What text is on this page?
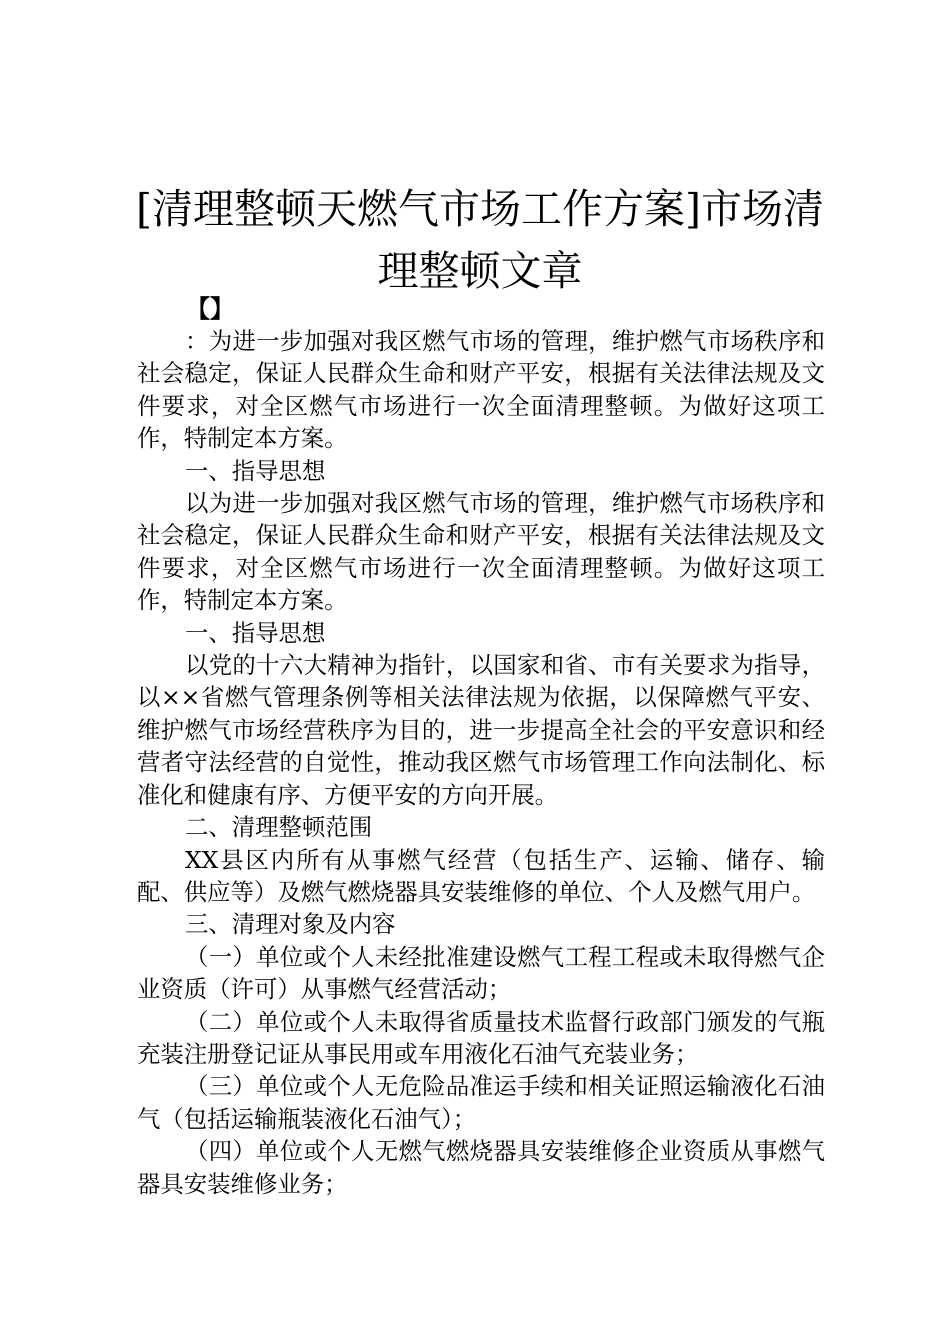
[清理整顿天燃气市场工作方案]市场清理整顿文章
【】

：为进一步加强对我区燃气市场的管理，维护燃气市场秩序和社会稳定，保证人民群众生命和财产平安，根据有关法律法规及文件要求，对全区燃气市场进行一次全面清理整顿。为做好这项工作，特制定本方案。

一、指导思想

以为进一步加强对我区燃气市场的管理，维护燃气市场秩序和社会稳定，保证人民群众生命和财产平安，根据有关法律法规及文件要求，对全区燃气市场进行一次全面清理整顿。为做好这项工作，特制定本方案。

一、指导思想

以党的十六大精神为指针，以国家和省、市有关要求为指导，以××省燃气管理条例等相关法律法规为依据，以保障燃气平安、维护燃气市场经营秩序为目的，进一步提高全社会的平安意识和经营者守法经营的自觉性，推动我区燃气市场管理工作向法制化、标准化和健康有序、方便平安的方向开展。

二、清理整顿范围

XX县区内所有从事燃气经营（包括生产、运输、储存、输配、供应等）及燃气燃烧器具安装维修的单位、个人及燃气用户。

三、清理对象及内容

（一）单位或个人未经批准建设燃气工程工程或未取得燃气企业资质（许可）从事燃气经营活动；

（二）单位或个人未取得省质量技术监督行政部门颁发的气瓶充装注册登记证从事民用或车用液化石油气充装业务；

（三）单位或个人无危险品准运手续和相关证照运输液化石油气（包括运输瓶装液化石油气）；

（四）单位或个人无燃气燃烧器具安装维修企业资质从事燃气器具安装维修业务；
